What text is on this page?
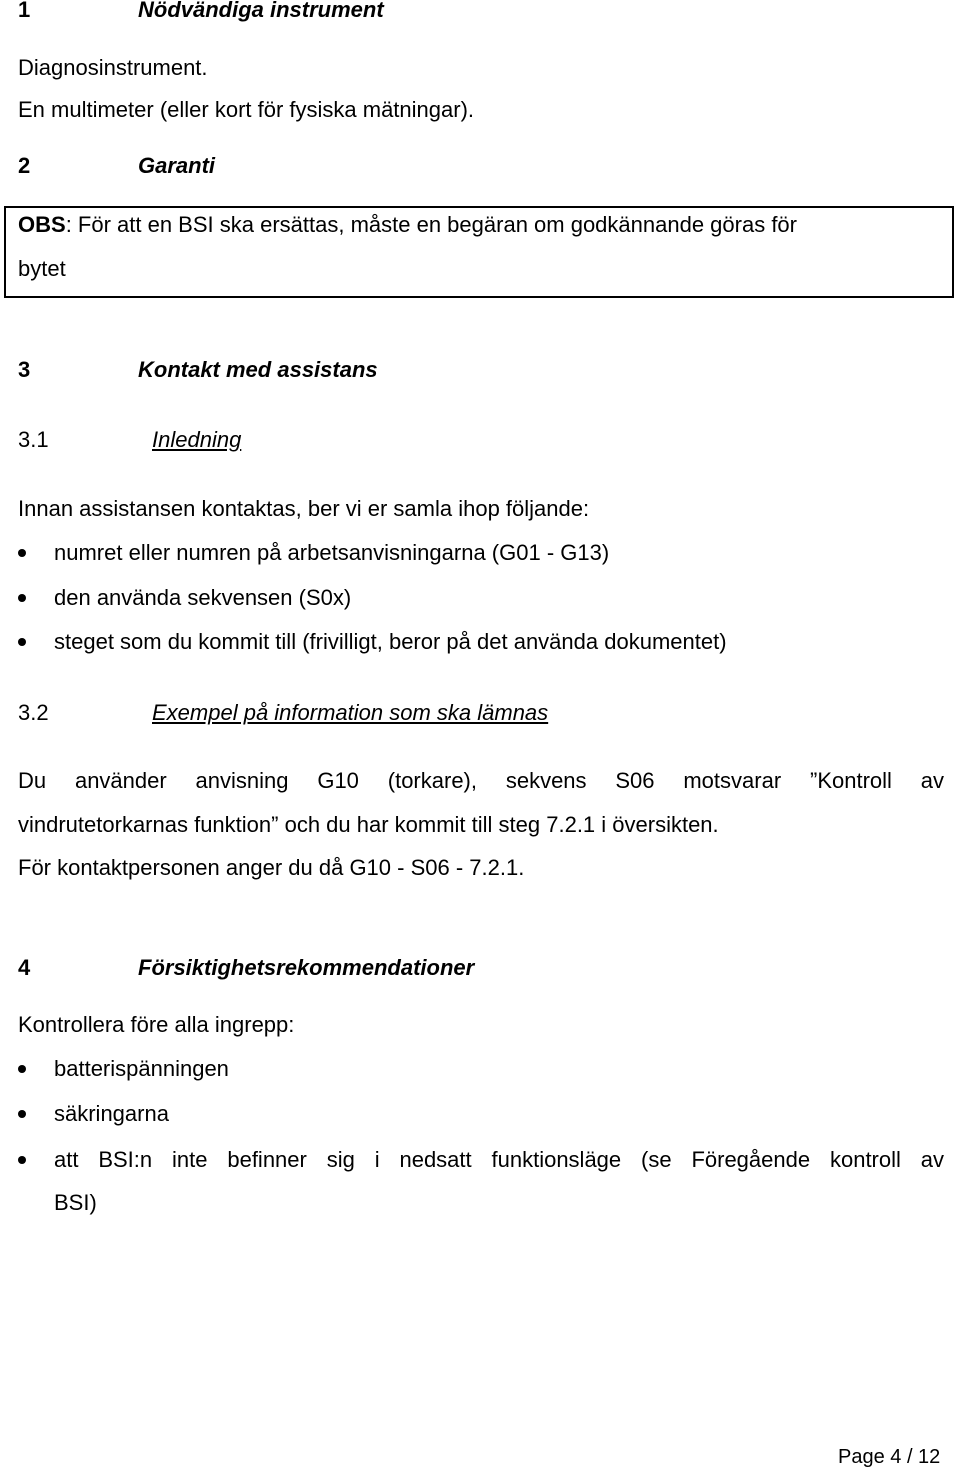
1	Nödvändiga instrument
Diagnosinstrument.
En multimeter (eller kort för fysiska mätningar).
2	Garanti
OBS: För att en BSI ska ersättas, måste en begäran om godkännande göras för
bytet
3	Kontakt med assistans
3.1	Inledning
Innan assistansen kontaktas, ber vi er samla ihop följande:
numret eller numren på arbetsanvisningarna (G01 - G13)
den använda sekvensen (S0x)
steget som du kommit till (frivilligt, beror på det använda dokumentet)
3.2	Exempel på information som ska lämnas
Du använder anvisning G10 (torkare), sekvens S06 motsvarar ”Kontroll av
vindrutetorkarnas funktion” och du har kommit till steg 7.2.1 i översikten.
För kontaktpersonen anger du då G10 - S06 - 7.2.1.
4	Försiktighetsrekommendationer
Kontrollera före alla ingrepp:
batterispänningen
säkringarna
att BSI:n inte befinner sig i nedsatt funktionsläge (se Föregående kontroll av
BSI)
Page 4 / 12
